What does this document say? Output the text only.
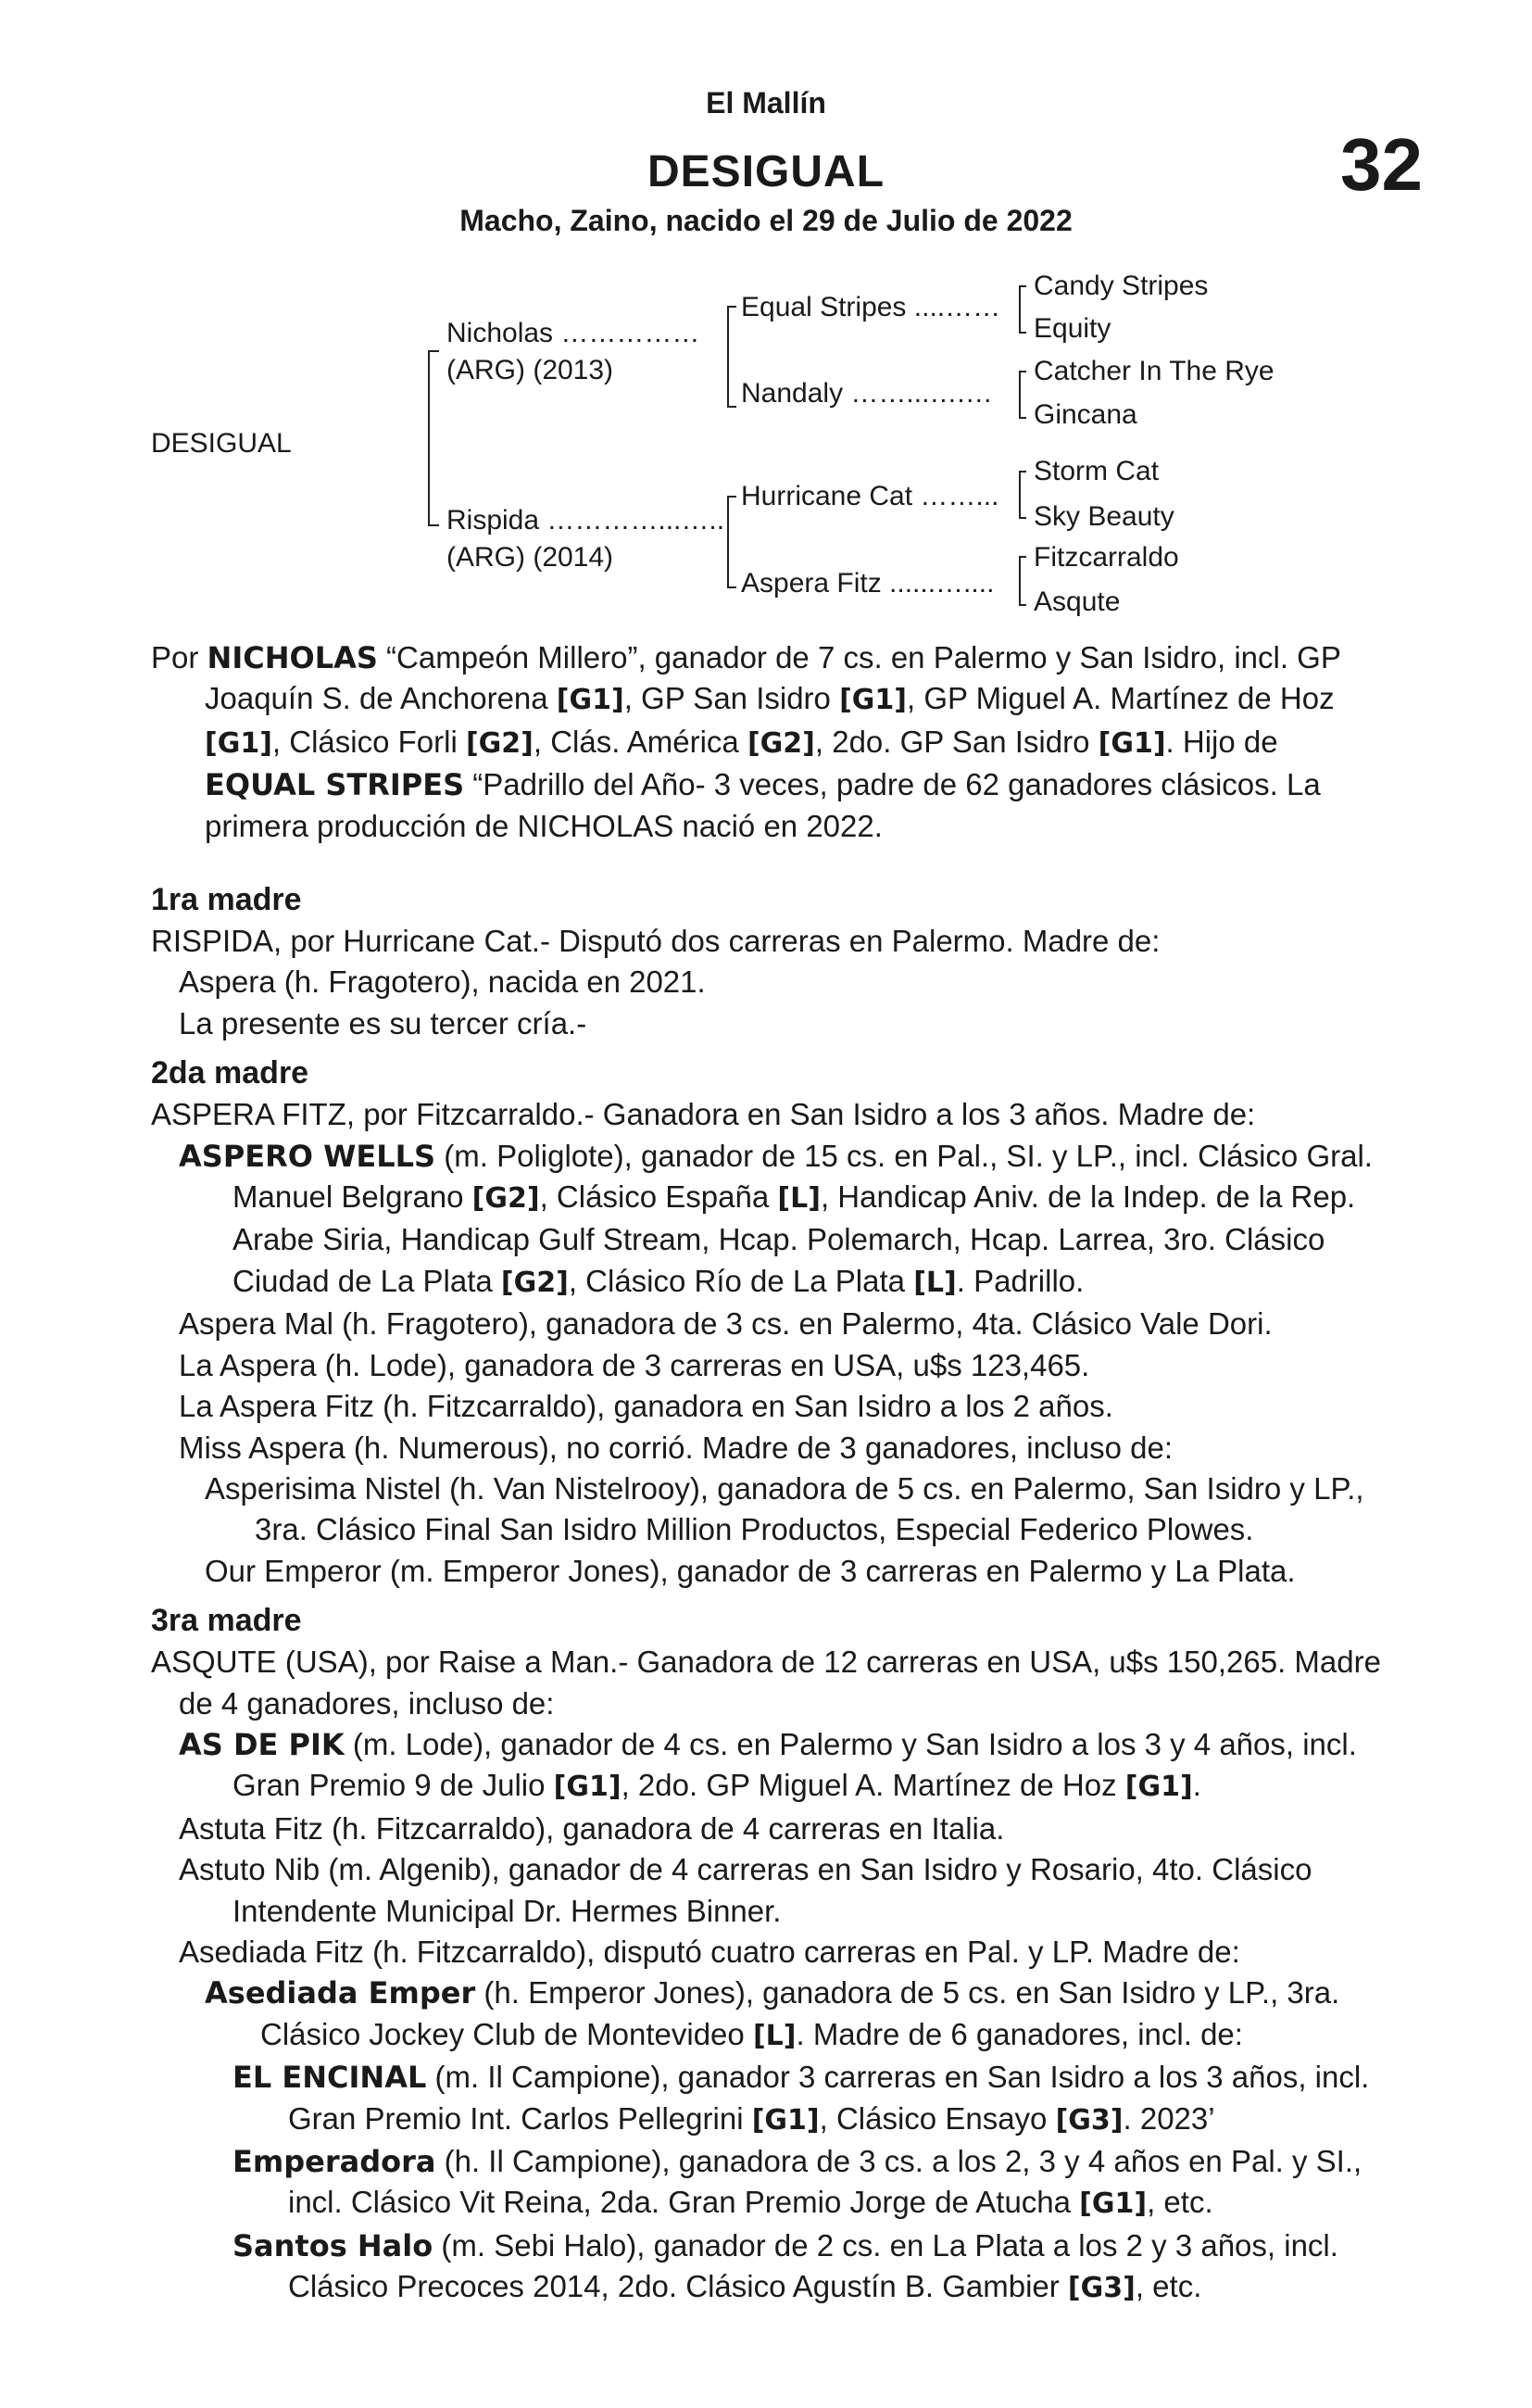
El Mallín
DESIGUAL
Macho, Zaino, nacido el 29 de Julio de 2022
32
DESIGUAL
Nicholas ……………
(ARG) (2013)
Rispida …………...…..
(ARG) (2014)
Equal Stripes ....……
Nandaly ……...….…
Hurricane Cat ……...
Aspera Fitz ......…....
Candy Stripes
Equity
Catcher In The Rye
Gincana
Storm Cat
Sky Beauty
Fitzcarraldo
Asqute

Por NICHOLAS “Campeón Millero”, ganador de 7 cs. en Palermo y San Isidro, incl. GP Joaquín S. de Anchorena [G1], GP San Isidro [G1], GP Miguel A. Martínez de Hoz [G1], Clásico Forli [G2], Clás. América [G2], 2do. GP San Isidro [G1]. Hijo de EQUAL STRIPES “Padrillo del Año- 3 veces, padre de 62 ganadores clásicos. La primera producción de NICHOLAS nació en 2022.

1ra madre

RISPIDA, por Hurricane Cat.- Disputó dos carreras en Palermo. Madre de:

Aspera (h. Fragotero), nacida en 2021.

La presente es su tercer cría.-

2da madre

ASPERA FITZ, por Fitzcarraldo.- Ganadora en San Isidro a los 3 años. Madre de:

ASPERO WELLS (m. Poliglote), ganador de 15 cs. en Pal., SI. y LP., incl. Clásico Gral. Manuel Belgrano [G2], Clásico España [L], Handicap Aniv. de la Indep. de la Rep. Arabe Siria, Handicap Gulf Stream, Hcap. Polemarch, Hcap. Larrea, 3ro. Clásico Ciudad de La Plata [G2], Clásico Río de La Plata [L]. Padrillo.

Aspera Mal (h. Fragotero), ganadora de 3 cs. en Palermo, 4ta. Clásico Vale Dori.

La Aspera (h. Lode), ganadora de 3 carreras en USA, u$s 123,465.

La Aspera Fitz (h. Fitzcarraldo), ganadora en San Isidro a los 2 años.

Miss Aspera (h. Numerous), no corrió. Madre de 3 ganadores, incluso de:

Asperisima Nistel (h. Van Nistelrooy), ganadora de 5 cs. en Palermo, San Isidro y LP., 3ra. Clásico Final San Isidro Million Productos, Especial Federico Plowes.

Our Emperor (m. Emperor Jones), ganador de 3 carreras en Palermo y La Plata.

3ra madre

ASQUTE (USA), por Raise a Man.- Ganadora de 12 carreras en USA, u$s 150,265. Madre de 4 ganadores, incluso de:

AS DE PIK (m. Lode), ganador de 4 cs. en Palermo y San Isidro a los 3 y 4 años, incl. Gran Premio 9 de Julio [G1], 2do. GP Miguel A. Martínez de Hoz [G1].

Astuta Fitz (h. Fitzcarraldo), ganadora de 4 carreras en Italia.

Astuto Nib (m. Algenib), ganador de 4 carreras en San Isidro y Rosario, 4to. Clásico Intendente Municipal Dr. Hermes Binner.

Asediada Fitz (h. Fitzcarraldo), disputó cuatro carreras en Pal. y LP. Madre de:

Asediada Emper (h. Emperor Jones), ganadora de 5 cs. en San Isidro y LP., 3ra. Clásico Jockey Club de Montevideo [L]. Madre de 6 ganadores, incl. de:

EL ENCINAL (m. Il Campione), ganador 3 carreras en San Isidro a los 3 años, incl. Gran Premio Int. Carlos Pellegrini [G1], Clásico Ensayo [G3]. 2023’

Emperadora (h. Il Campione), ganadora de 3 cs. a los 2, 3 y 4 años en Pal. y SI., incl. Clásico Vit Reina, 2da. Gran Premio Jorge de Atucha [G1], etc.

Santos Halo (m. Sebi Halo), ganador de 2 cs. en La Plata a los 2 y 3 años, incl. Clásico Precoces 2014, 2do. Clásico Agustín B. Gambier [G3], etc.
